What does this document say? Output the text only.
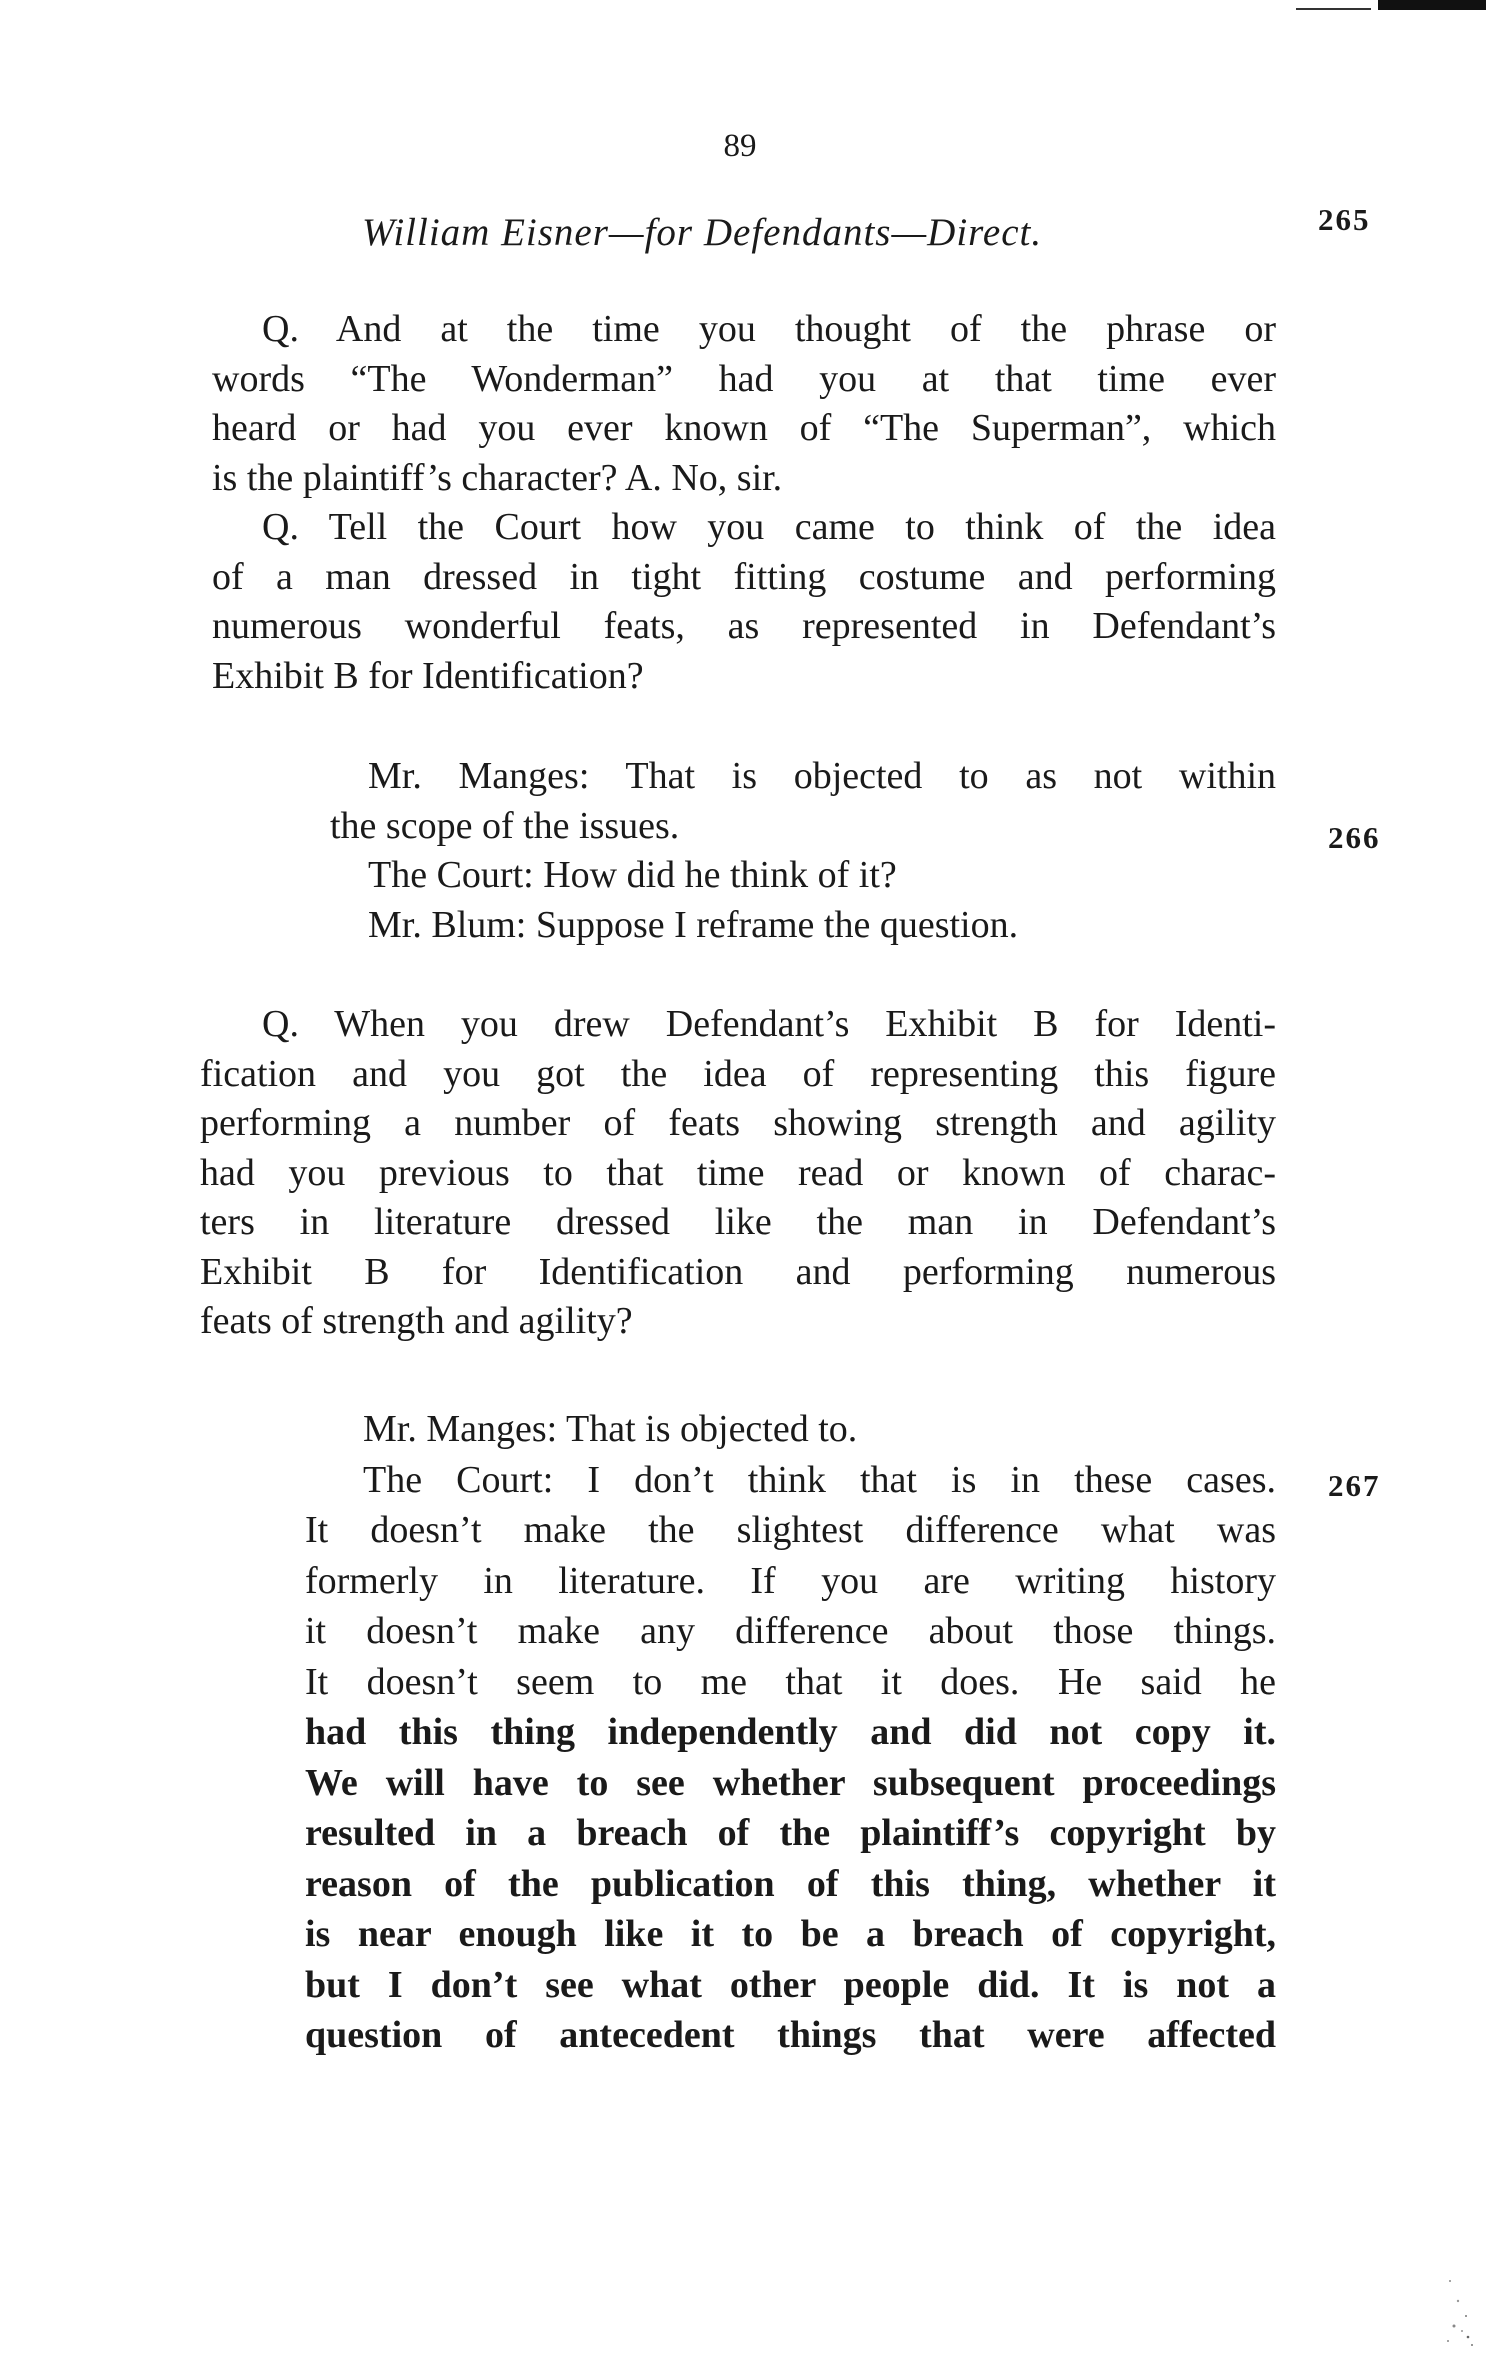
89
William Eisner—for Defendants—Direct.	265
266
267
Q. And at the time you thought of the phrase or
words “The Wonderman” had you at that time ever
heard or had you ever known of “The Superman”, which
is the plaintiff’s character? A. No, sir.
Q. Tell the Court how you came to think of the idea
of a man dressed in tight fitting costume and performing
numerous wonderful feats, as represented in Defendant’s
Exhibit B for Identification?
Mr. Manges: That is objected to as not within
the scope of the issues.
The Court: How did he think of it?
Mr. Blum: Suppose I reframe the question.
Q. When you drew Defendant’s Exhibit B for Identi-
fication and you got the idea of representing this figure
performing a number of feats showing strength and agility
had you previous to that time read or known of charac-
ters in literature dressed like the man in Defendant’s
Exhibit B for Identification and performing numerous
feats of strength and agility?
Mr. Manges: That is objected to.
The Court: I don’t think that is in these cases.
It doesn’t make the slightest difference what was
formerly in literature. If you are writing history
it doesn’t make any difference about those things.
It doesn’t seem to me that it does. He said he
had this thing independently and did not copy it.
We will have to see whether subsequent proceedings
resulted in a breach of the plaintiff’s copyright by
reason of the publication of this thing, whether it
is near enough like it to be a breach of copyright,
but I don’t see what other people did. It is not a
question of antecedent things that were affected
